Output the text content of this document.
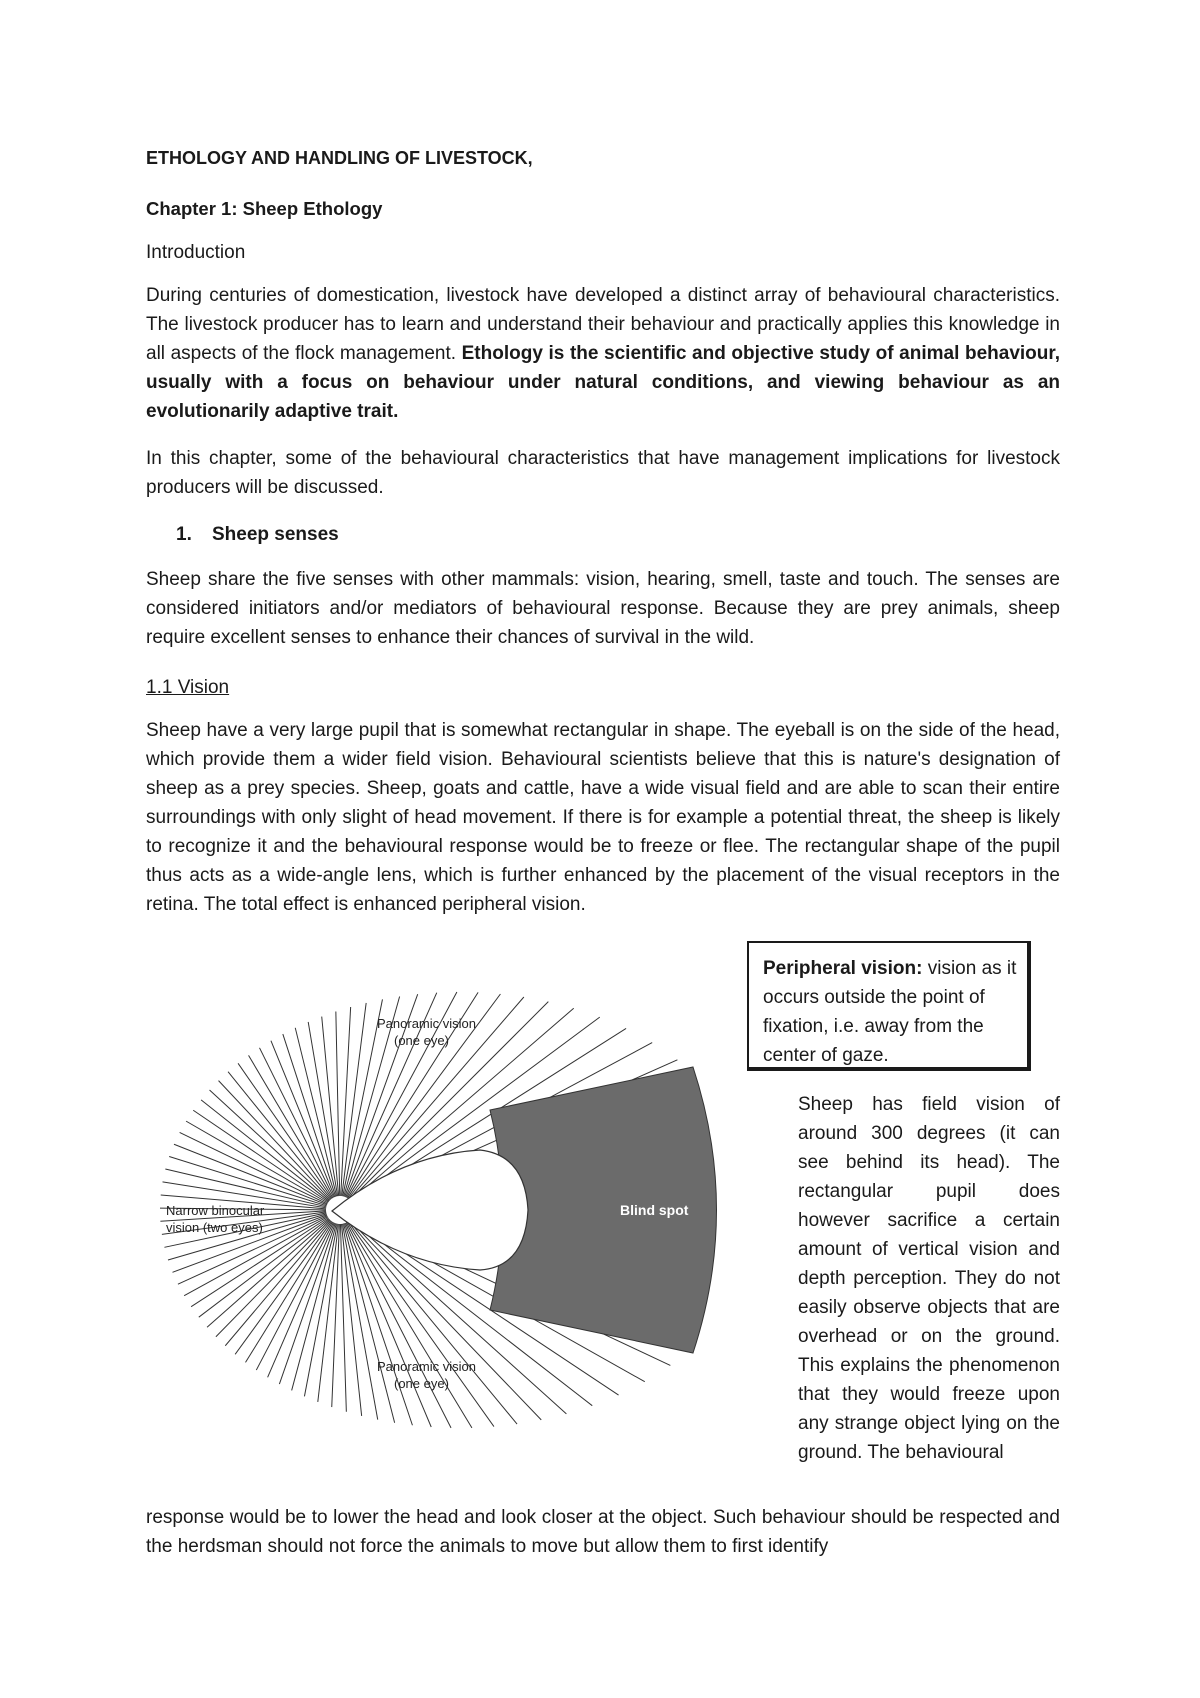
ETHOLOGY AND HANDLING OF LIVESTOCK,
Chapter 1: Sheep Ethology
Introduction
During centuries of domestication, livestock have developed a distinct array of behavioural characteristics. The livestock producer has to learn and understand their behaviour and practically applies this knowledge in all aspects of the flock management. Ethology is the scientific and objective study of animal behaviour, usually with a focus on behaviour under natural conditions, and viewing behaviour as an evolutionarily adaptive trait.
In this chapter, some of the behavioural characteristics that have management implications for livestock producers will be discussed.
1. Sheep senses
Sheep share the five senses with other mammals: vision, hearing, smell, taste and touch. The senses are considered initiators and/or mediators of behavioural response. Because they are prey animals, sheep require excellent senses to enhance their chances of survival in the wild.
1.1 Vision
Sheep have a very large pupil that is somewhat rectangular in shape. The eyeball is on the side of the head, which provide them a wider field vision. Behavioural scientists believe that this is nature's designation of sheep as a prey species. Sheep, goats and cattle, have a wide visual field and are able to scan their entire surroundings with only slight of head movement. If there is for example a potential threat, the sheep is likely to recognize it and the behavioural response would be to freeze or flee. The rectangular shape of the pupil thus acts as a wide-angle lens, which is further enhanced by the placement of the visual receptors in the retina. The total effect is enhanced peripheral vision.
Peripheral vision: vision as it occurs outside the point of fixation, i.e. away from the center of gaze.
Panoramic vision
(one eye)
Panoramic vision
(one eye)
Narrow binocular
vision (two eyes)
Blind spot
Sheep has field vision of around 300 degrees (it can see behind its head). The rectangular pupil does however sacrifice a certain amount of vertical vision and depth perception. They do not easily observe objects that are overhead or on the ground. This explains the phenomenon that they would freeze upon any strange object lying on the ground. The behavioural
response would be to lower the head and look closer at the object. Such behaviour should be respected and the herdsman should not force the animals to move but allow them to first identify
